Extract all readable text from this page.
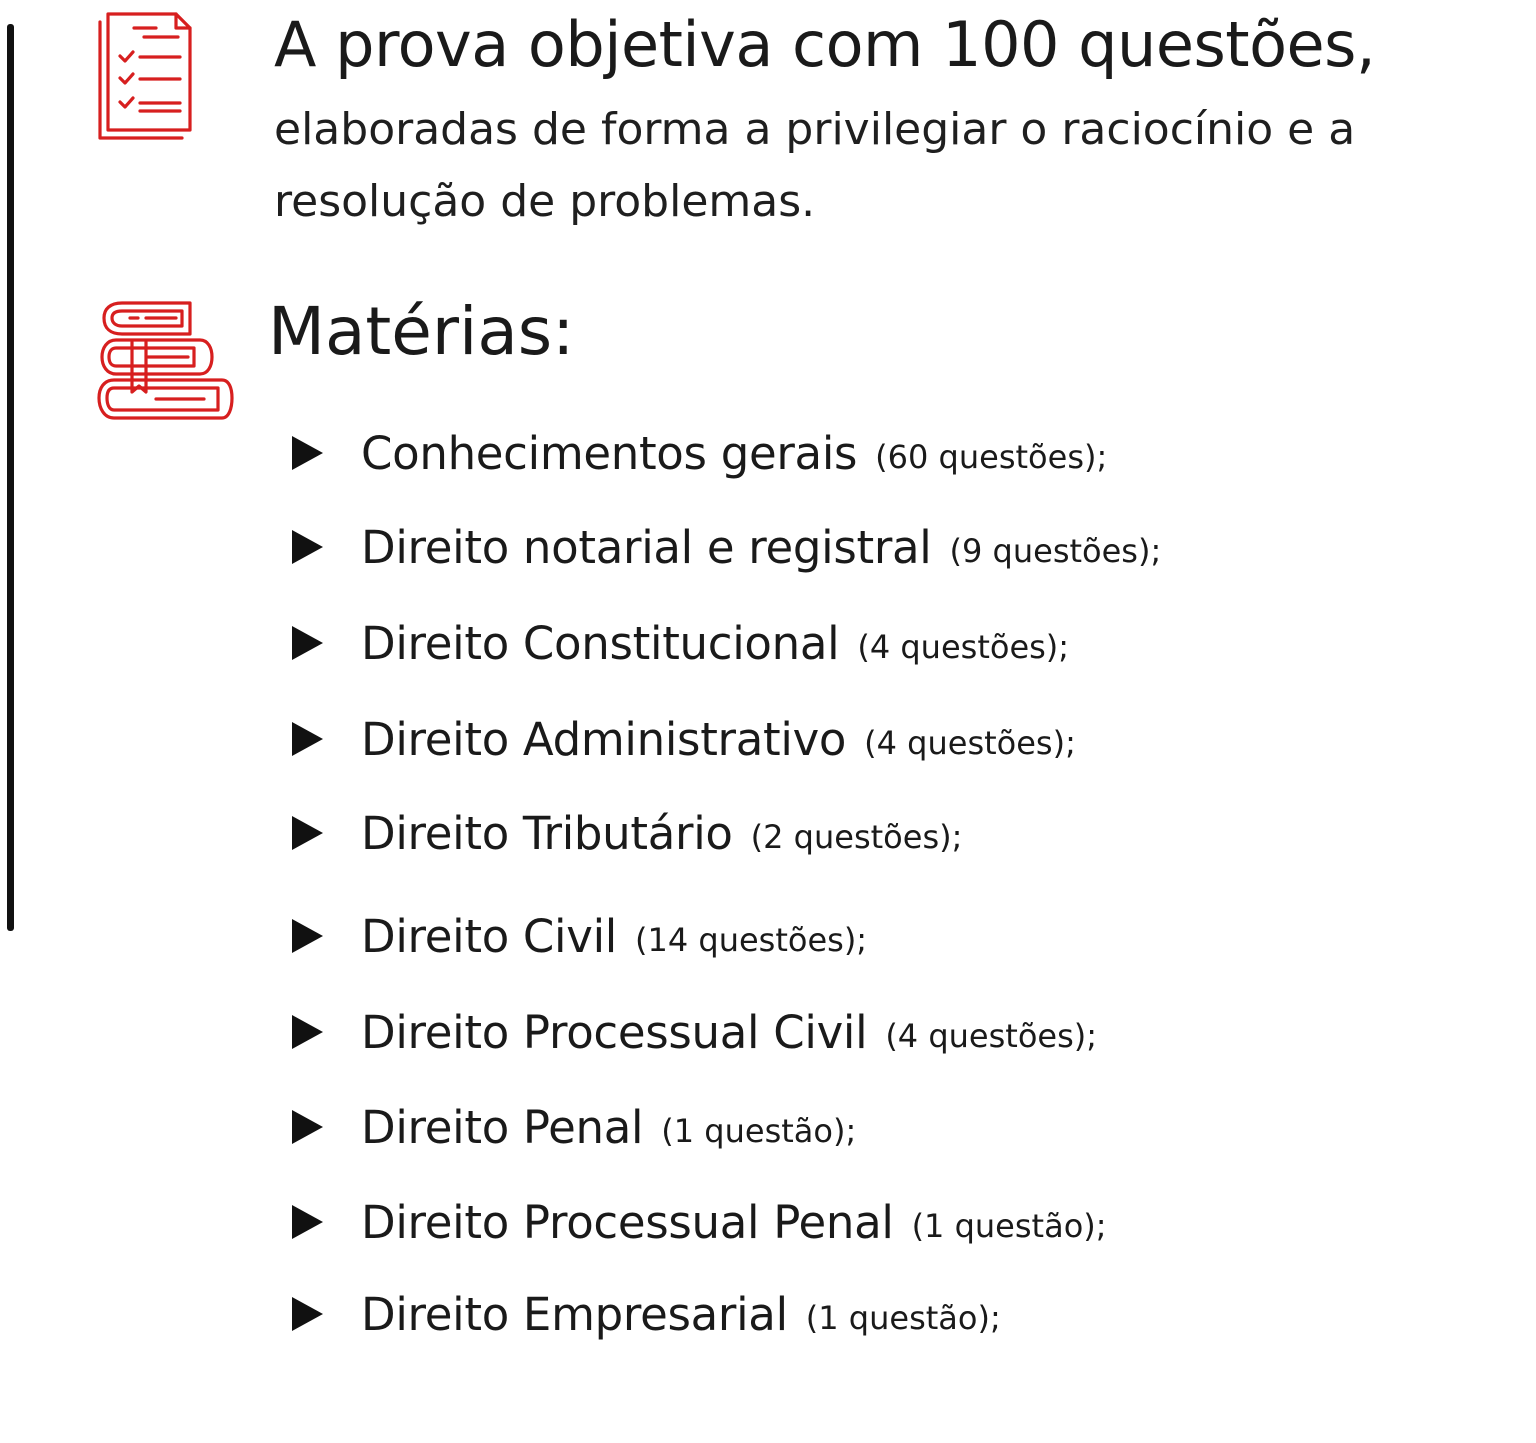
A prova objetiva com 100 questões,
elaboradas de forma a privilegiar o raciocínio e a resolução de problemas.
Matérias:
Conhecimentos gerais (60 questões);
Direito notarial e registral (9 questões);
Direito Constitucional (4 questões);
Direito Administrativo (4 questões);
Direito Tributário (2 questões);
Direito Civil (14 questões);
Direito Processual Civil (4 questões);
Direito Penal (1 questão);
Direito Processual Penal (1 questão);
Direito Empresarial (1 questão);
